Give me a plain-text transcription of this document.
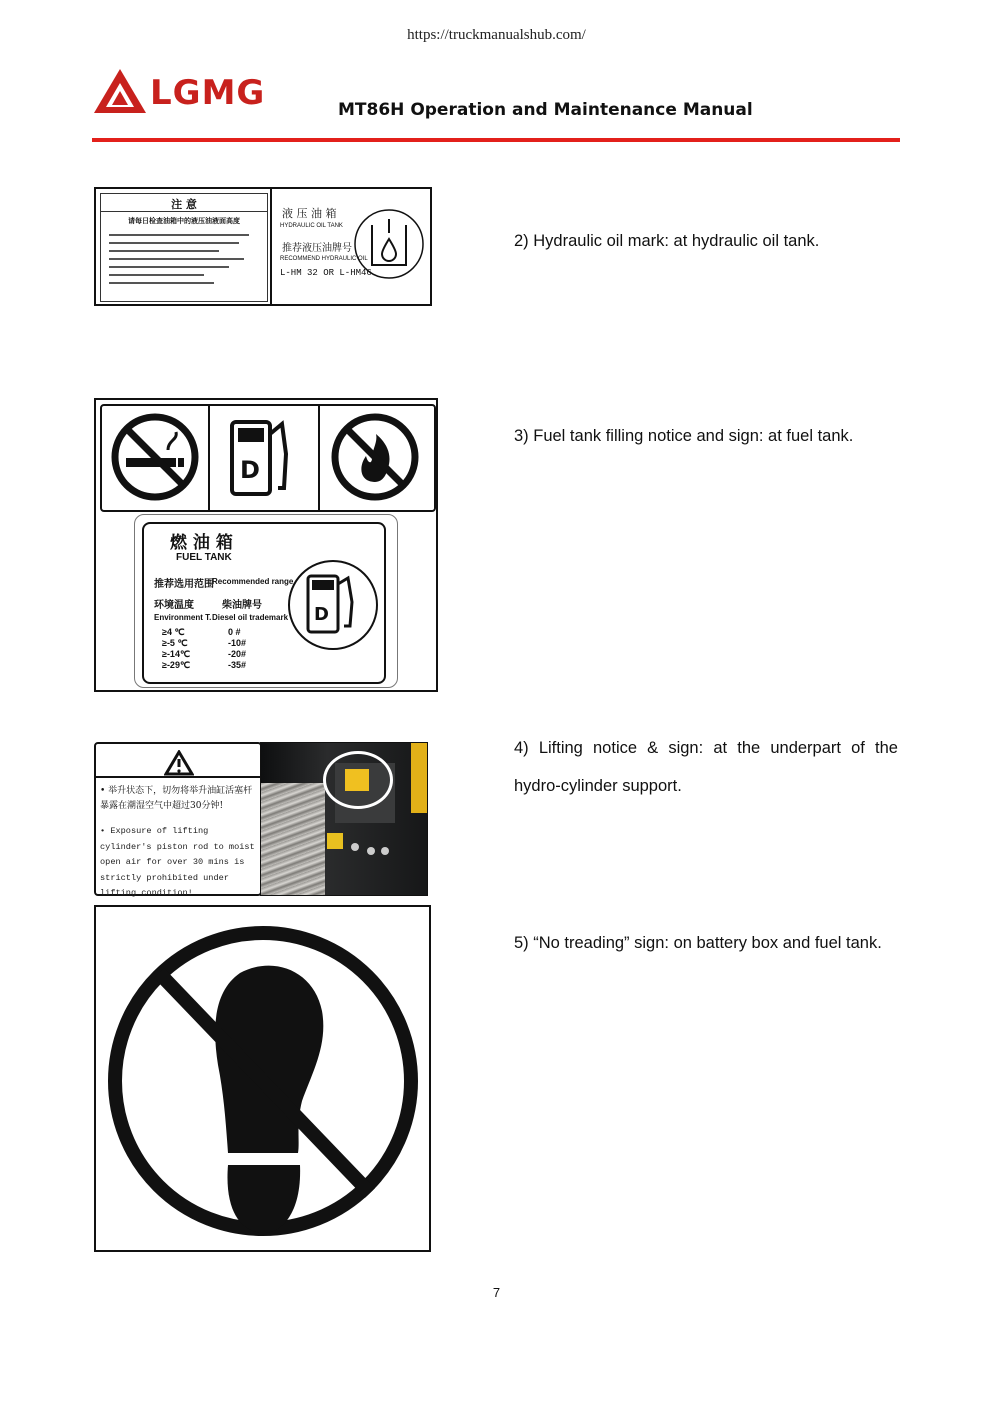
https://truckmanualshub.com/
LGMG	MT86H Operation and Maintenance Manual
注 意
请每日检查油箱中的液压油液面高度
液 压 油 箱
HYDRAULIC OIL TANK
推荐液压油牌号
RECOMMEND HYDRAULIC OIL
L-HM 32 OR L-HM46
2) Hydraulic oil mark: at hydraulic oil tank.
D
燃 油 箱
FUEL TANK
推荐选用范围
Recommended range
环境温度	柴油牌号
Environment T. Diesel oil trademark
≥4 ℃
≥-5 ℃
≥-14℃
≥-29℃
0 #
-10#
-20#
-35#
D
3) Fuel tank filling notice and sign: at fuel tank.
• 举升状态下，切勿将举升油缸活塞杆暴露在潮湿空气中超过30分钟!
• Exposure of lifting cylinder's piston rod to moist open air for over 30 mins is strictly prohibited under lifting condition!
4) Lifting notice & sign: at the underpart of the hydro-cylinder support.
5) “No treading” sign: on battery box and fuel tank.
7
